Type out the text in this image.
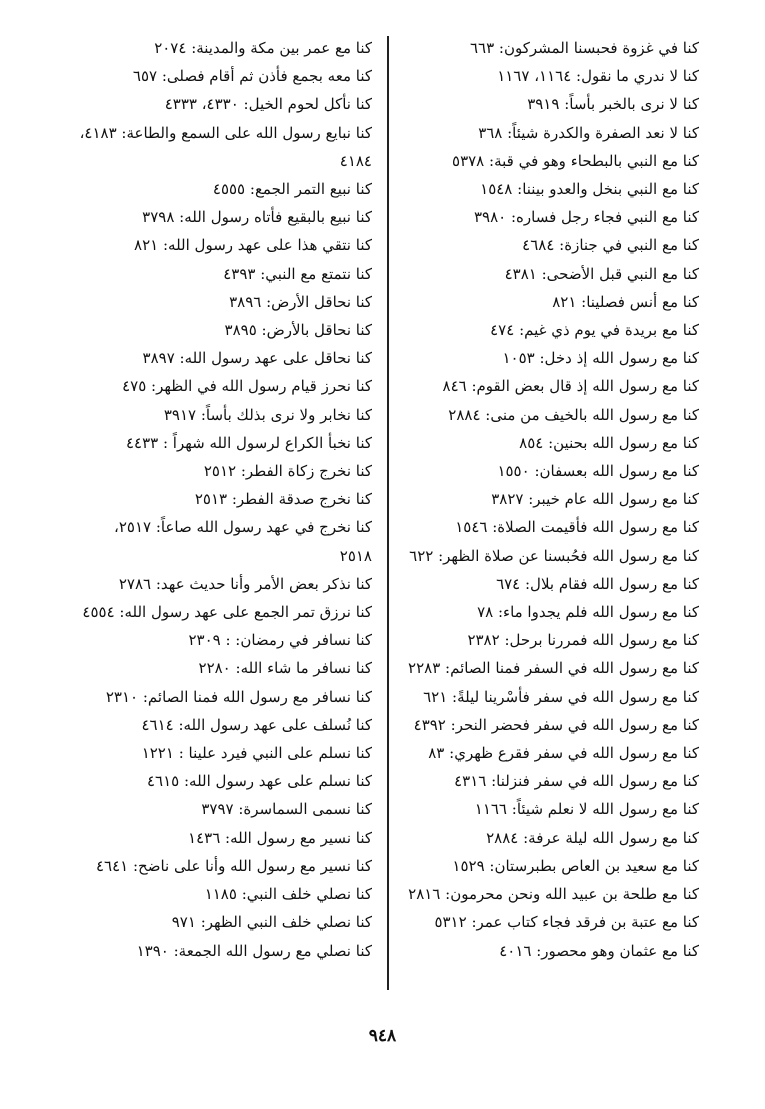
كنا في غزوة فحبسنا المشركون: ٦٦٣
كنا لا ندري ما نقول: ١١٦٤، ١١٦٧
كنا لا نرى بالخبر بأساً: ٣٩١٩
كنا لا نعد الصفرة والكدرة شيئاً: ٣٦٨
كنا مع النبي بالبطحاء وهو في قبة: ٥٣٧٨
كنا مع النبي بنخل والعدو بيننا: ١٥٤٨
كنا مع النبي فجاء رجل فساره: ٣٩٨٠
كنا مع النبي في جنازة: ٤٦٨٤
كنا مع النبي قبل الأضحى: ٤٣٨١
كنا مع أنس فصلينا: ٨٢١
كنا مع بريدة في يوم ذي غيم: ٤٧٤
كنا مع رسول الله إذ دخل: ١٠٥٣
كنا مع رسول الله إذ قال بعض القوم: ٨٤٦
كنا مع رسول الله بالخيف من منى: ٢٨٨٤
كنا مع رسول الله بحنين: ٨٥٤
كنا مع رسول الله بعسفان: ١٥٥٠
كنا مع رسول الله عام خيبر: ٣٨٢٧
كنا مع رسول الله فأقيمت الصلاة: ١٥٤٦
كنا مع رسول الله فحُبسنا عن صلاة الظهر: ٦٢٢
كنا مع رسول الله فقام بلال: ٦٧٤
كنا مع رسول الله فلم يجدوا ماء: ٧٨
كنا مع رسول الله فمررنا برحل: ٢٣٨٢
كنا مع رسول الله في السفر فمنا الصائم: ٢٢٨٣
كنا مع رسول الله في سفر فأسْرينا ليلةً: ٦٢١
كنا مع رسول الله في سفر فحضر النحر: ٤٣٩٢
كنا مع رسول الله في سفر فقرع ظهري: ٨٣
كنا مع رسول الله في سفر فنزلنا: ٤٣١٦
كنا مع رسول الله لا نعلم شيئاً: ١١٦٦
كنا مع رسول الله ليلة عرفة: ٢٨٨٤
كنا مع سعيد بن العاص بطبرستان: ١٥٢٩
كنا مع طلحة بن عبيد الله ونحن محرمون: ٢٨١٦
كنا مع عتبة بن فرقد فجاء كتاب عمر: ٥٣١٢
كنا مع عثمان وهو محصور: ٤٠١٦
كنا مع عمر بين مكة والمدينة: ٢٠٧٤
كنا معه بجمع فأذن ثم أقام فصلى: ٦٥٧
كنا نأكل لحوم الخيل: ٤٣٣٠، ٤٣٣٣
كنا نبايع رسول الله على السمع والطاعة: ٤١٨٣،
٤١٨٤
كنا نبيع التمر الجمع: ٤٥٥٥
كنا نبيع بالبقيع فأتاه رسول الله: ٣٧٩٨
كنا نتقي هذا على عهد رسول الله: ٨٢١
كنا نتمتع مع النبي: ٤٣٩٣
كنا نحاقل الأرض: ٣٨٩٦
كنا نحاقل بالأرض: ٣٨٩٥
كنا نحاقل على عهد رسول الله: ٣٨٩٧
كنا نحرز قيام رسول الله في الظهر: ٤٧٥
كنا نخابر ولا نرى بذلك بأساً: ٣٩١٧
كنا نخبأ الكراع لرسول الله شهراً : ٤٤٣٣
كنا نخرج زكاة الفطر: ٢٥١٢
كنا نخرج صدقة الفطر: ٢٥١٣
كنا نخرج في عهد رسول الله صاعاً: ٢٥١٧،
٢٥١٨
كنا نذكر بعض الأمر وأنا حديث عهد: ٢٧٨٦
كنا نرزق تمر الجمع على عهد رسول الله: ٤٥٥٤
كنا نسافر في رمضان: : ٢٣٠٩
كنا نسافر ما شاء الله: ٢٢٨٠
كنا نسافر مع رسول الله فمنا الصائم: ٢٣١٠
كنا نُسلف على عهد رسول الله: ٤٦١٤
كنا نسلم على النبي فيرد علينا : ١٢٢١
كنا نسلم على عهد رسول الله: ٤٦١٥
كنا نسمى السماسرة: ٣٧٩٧
كنا نسير مع رسول الله: ١٤٣٦
كنا نسير مع رسول الله وأنا على ناضح: ٤٦٤١
كنا نصلي خلف النبي: ١١٨٥
كنا نصلي خلف النبي الظهر: ٩٧١
كنا نصلي مع رسول الله الجمعة: ١٣٩٠
٩٤٨
